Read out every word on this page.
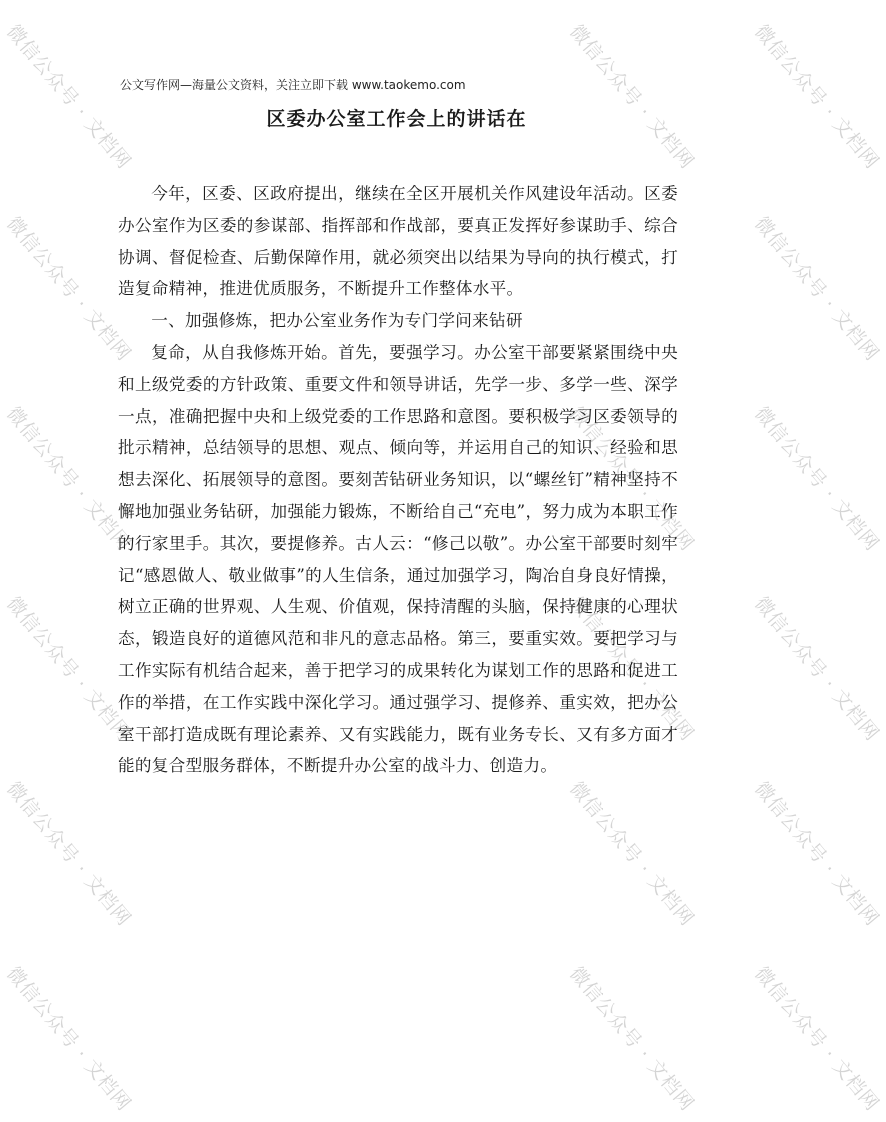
微信公众号 · 文档网	微信公众号 · 文档网	微信公众号 · 文档网
微信公众号 · 文档网	微信公众号 · 文档网
微信公众号 · 文档网	微信公众号 · 文档网	微信公众号 · 文档网
微信公众号 · 文档网	微信公众号 · 文档网	微信公众号 · 文档网
微信公众号 · 文档网	微信公众号 · 文档网	微信公众号 · 文档网
微信公众号 · 文档网	微信公众号 · 文档网	微信公众号 · 文档网
公文写作网—海量公文资料，关注立即下载 www.taokemo.com
区委办公室工作会上的讲话在

今年，区委、区政府提出，继续在全区开展机关作风建设年活动。区委办公室作为区委的参谋部、指挥部和作战部，要真正发挥好参谋助手、综合协调、督促检查、后勤保障作用，就必须突出以结果为导向的执行模式，打造复命精神，推进优质服务，不断提升工作整体水平。

一、加强修炼，把办公室业务作为专门学问来钻研

复命，从自我修炼开始。首先，要强学习。办公室干部要紧紧围绕中央和上级党委的方针政策、重要文件和领导讲话，先学一步、多学一些、深学一点，准确把握中央和上级党委的工作思路和意图。要积极学习区委领导的批示精神，总结领导的思想、观点、倾向等，并运用自己的知识、经验和思想去深化、拓展领导的意图。要刻苦钻研业务知识，以“螺丝钉”精神坚持不懈地加强业务钻研，加强能力锻炼，不断给自己“充电”，努力成为本职工作的行家里手。其次，要提修养。古人云：“修己以敬”。办公室干部要时刻牢记“感恩做人、敬业做事”的人生信条，通过加强学习，陶冶自身良好情操，树立正确的世界观、人生观、价值观，保持清醒的头脑，保持健康的心理状态，锻造良好的道德风范和非凡的意志品格。第三，要重实效。要把学习与工作实际有机结合起来，善于把学习的成果转化为谋划工作的思路和促进工作的举措，在工作实践中深化学习。通过强学习、提修养、重实效，把办公室干部打造成既有理论素养、又有实践能力，既有业务专长、又有多方面才能的复合型服务群体，不断提升办公室的战斗力、创造力。
